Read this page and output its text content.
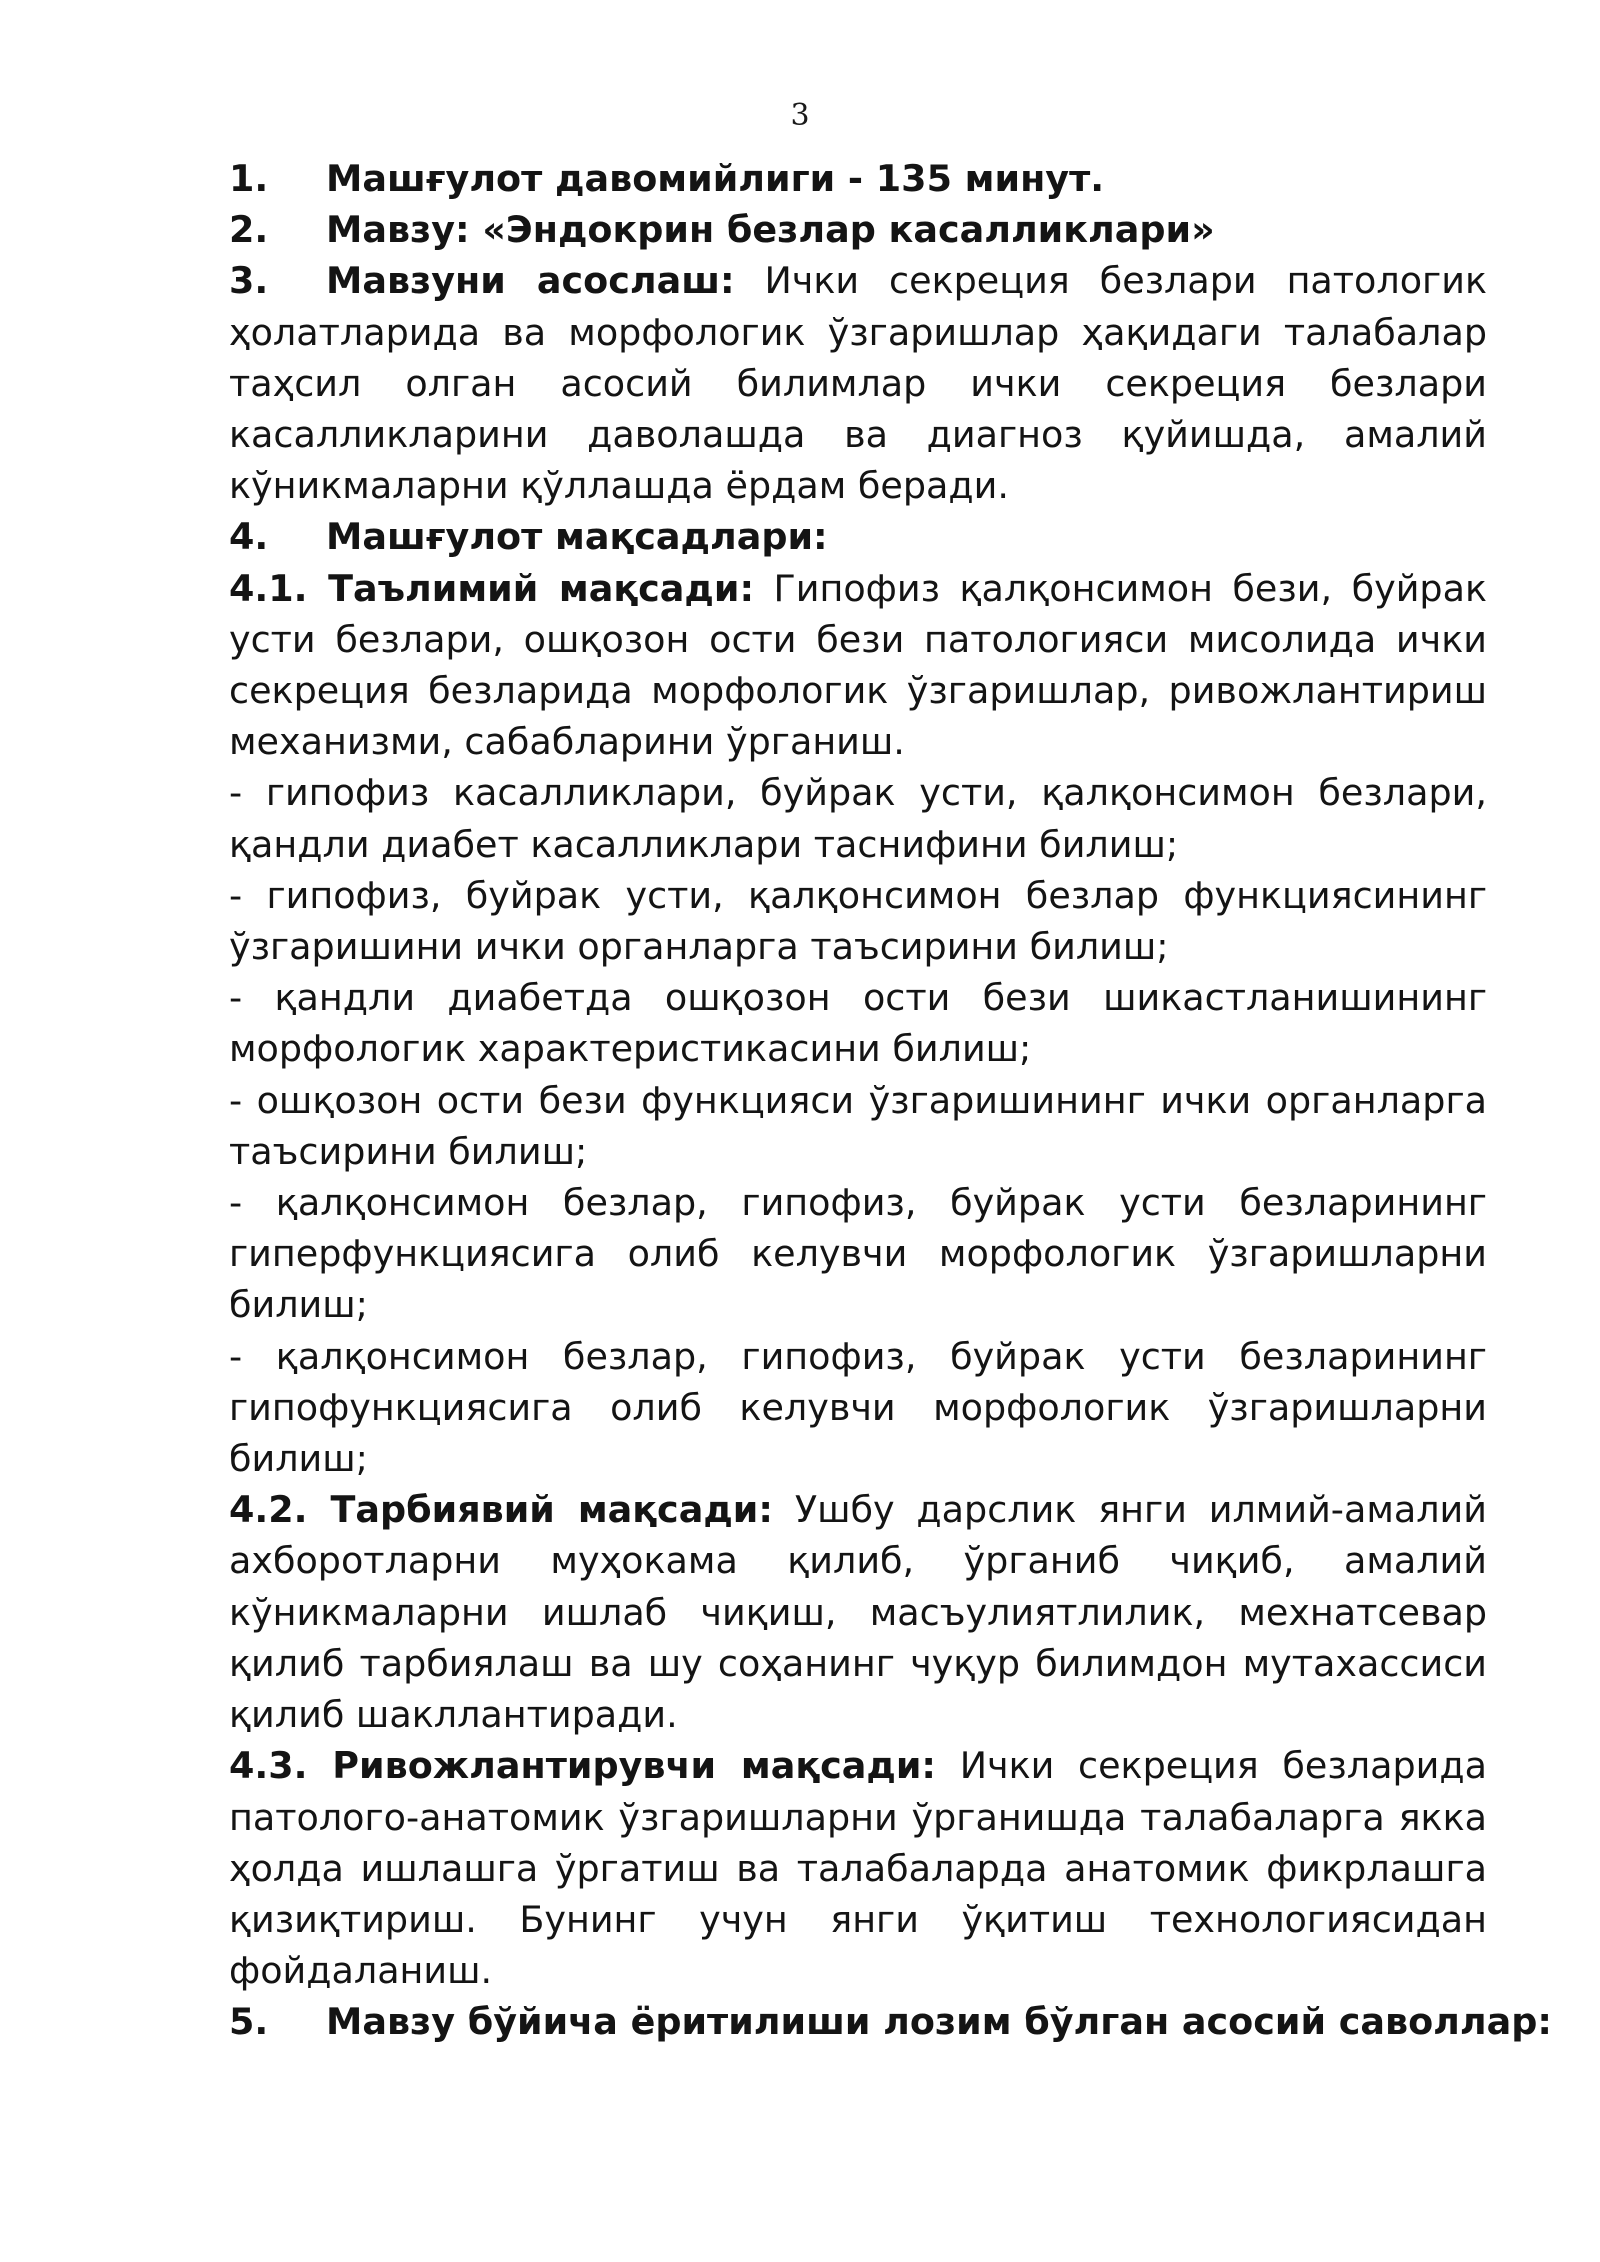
3
1.	Машғулот давомийлиги - 135 минут.
2.	Мавзу: «Эндокрин безлар касалликлари»

3. Мавзуни асослаш: Ички секреция безлари патологик ҳолатларида ва морфологик ўзгаришлар ҳақидаги талабалар таҳсил олган асосий билимлар ички секреция безлари касалликларини даволашда ва диагноз қуйишда, амалий кўникмаларни қўллашда ёрдам беради.

4.	Машғулот мақсадлари:

4.1. Таълимий мақсади: Гипофиз қалқонсимон бези, буйрак усти безлари, ошқозон ости бези патологияси мисолида ички секреция безларида морфологик ўзгаришлар, ривожлантириш механизми, сабабларини ўрганиш.

- гипофиз касалликлари, буйрак усти, қалқонсимон безлари, қандли диабет касалликлари таснифини билиш;

- гипофиз, буйрак усти, қалқонсимон безлар функциясининг ўзгаришини ички органларга таъсирини билиш;

- қандли диабетда ошқозон ости бези шикастланишининг морфологик характеристикасини билиш;

- ошқозон ости бези функцияси ўзгаришининг ички органларга таъсирини билиш;

- қалқонсимон безлар, гипофиз, буйрак усти безларининг гиперфункциясига олиб келувчи морфологик ўзгаришларни билиш;

- қалқонсимон безлар, гипофиз, буйрак усти безларининг гипофункциясига олиб келувчи морфологик ўзгаришларни билиш;

4.2. Тарбиявий мақсади: Ушбу дарслик янги илмий-амалий ахборотларни муҳокама қилиб, ўрганиб чиқиб, амалий кўникмаларни ишлаб чиқиш, масъулиятлилик, мехнатсевар қилиб тарбиялаш ва шу соҳанинг чуқур билимдон мутахассиси қилиб шакллантиради.

4.3. Ривожлантирувчи мақсади: Ички секреция безларида патолого-анатомик ўзгаришларни ўрганишда талабаларга якка ҳолда ишлашга ўргатиш ва талабаларда анатомик фикрлашга қизиқтириш. Бунинг учун янги ўқитиш технологиясидан фойдаланиш.

5.	Мавзу бўйича ёритилиши лозим бўлган асосий саволлар:
